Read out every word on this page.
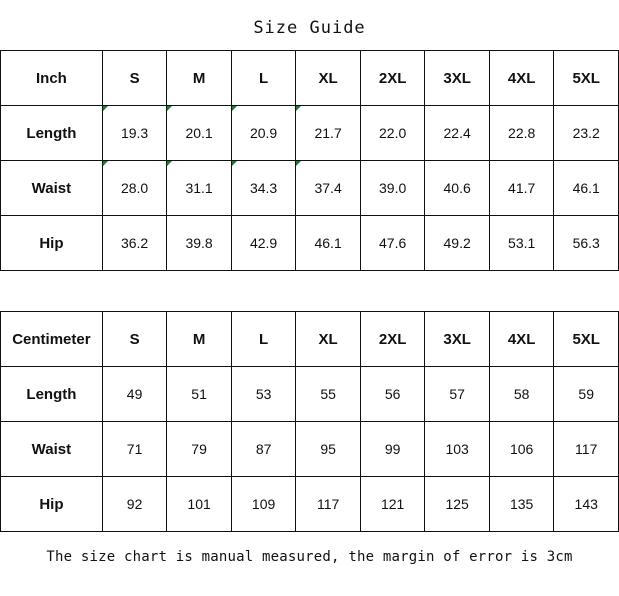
Size Guide
Inch	S	M	L	XL	2XL	3XL	4XL	5XL
Length	19.3	20.1	20.9	21.7	22.0	22.4	22.8	23.2
Waist	28.0	31.1	34.3	37.4	39.0	40.6	41.7	46.1
Hip	36.2	39.8	42.9	46.1	47.6	49.2	53.1	56.3
Centimeter	S	M	L	XL	2XL	3XL	4XL	5XL
Length	49	51	53	55	56	57	58	59
Waist	71	79	87	95	99	103	106	117
Hip	92	101	109	117	121	125	135	143
The size chart is manual measured, the margin of error is 3cm
